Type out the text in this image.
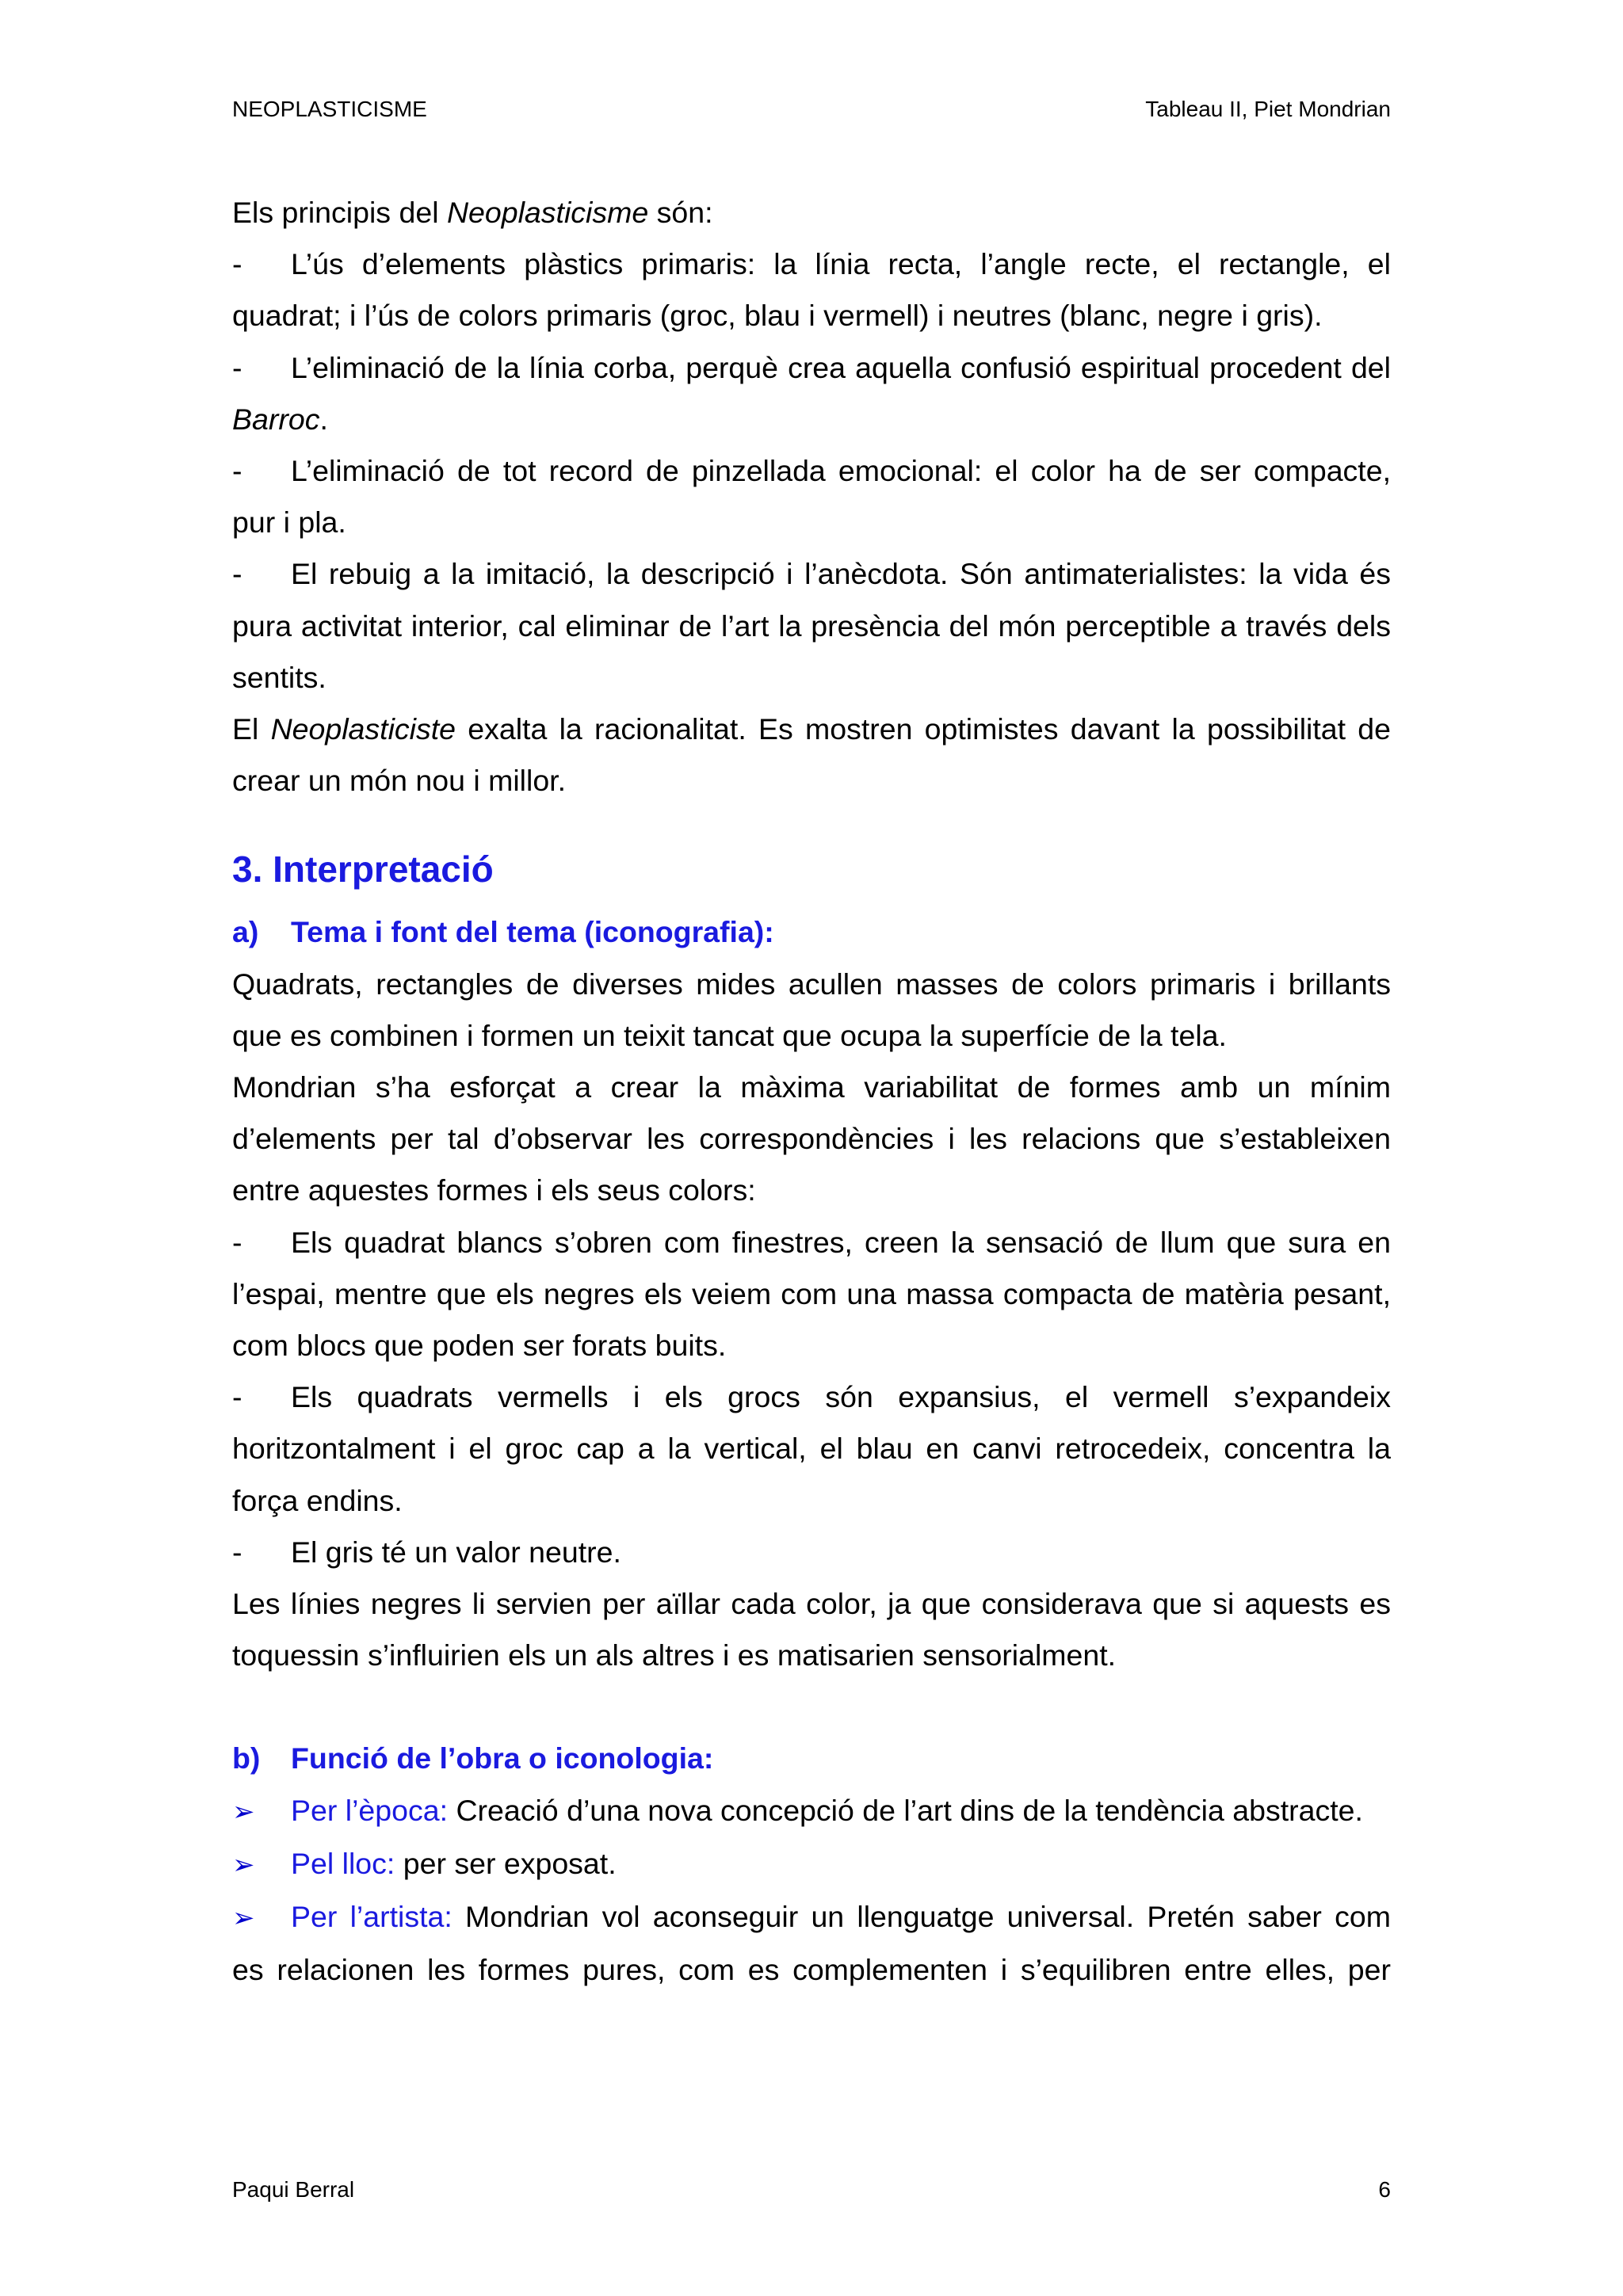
NEOPLASTICISME	Tableau II, Piet Mondrian

Els principis del Neoplasticisme són:

- L’ús d’elements plàstics primaris: la línia recta, l’angle recte, el rectangle, el
quadrat; i l’ús de colors primaris (groc, blau i vermell) i neutres (blanc, negre i gris).

- L’eliminació de la línia corba, perquè crea aquella confusió espiritual procedent del
Barroc.

- L’eliminació de tot record de pinzellada emocional: el color ha de ser compacte,
pur i pla.

- El rebuig a la imitació, la descripció i l’anècdota. Són antimaterialistes: la vida és
pura activitat interior, cal eliminar de l’art la presència del món perceptible a través dels
sentits.

El Neoplasticiste exalta la racionalitat. Es mostren optimistes davant la possibilitat de
crear un món nou i millor.

3. Interpretació
a) Tema i font del tema (iconografia):

Quadrats, rectangles de diverses mides acullen masses de colors primaris i brillants
que es combinen i formen un teixit tancat que ocupa la superfície de la tela.

Mondrian s’ha esforçat a crear la màxima variabilitat de formes amb un mínim
d’elements per tal d’observar les correspondències i les relacions que s’estableixen
entre aquestes formes i els seus colors:

- Els quadrat blancs s’obren com finestres, creen la sensació de llum que sura en
l’espai, mentre que els negres els veiem com una massa compacta de matèria pesant,
com blocs que poden ser forats buits.

- Els quadrats vermells i els grocs són expansius, el vermell s’expandeix
horitzontalment i el groc cap a la vertical, el blau en canvi retrocedeix, concentra la
força endins.

- El gris té un valor neutre.

Les línies negres li servien per aïllar cada color, ja que considerava que si aquests es
toquessin s’influirien els un als altres i es matisarien sensorialment.

b) Funció de l’obra o iconologia:

➢ Per l’època: Creació d’una nova concepció de l’art dins de la tendència abstracte.

➢ Pel lloc: per ser exposat.

➢ Per l’artista: Mondrian vol aconseguir un llenguatge universal. Pretén saber com
es relacionen les formes pures, com es complementen i s’equilibren entre elles, per

Paqui Berral	6
